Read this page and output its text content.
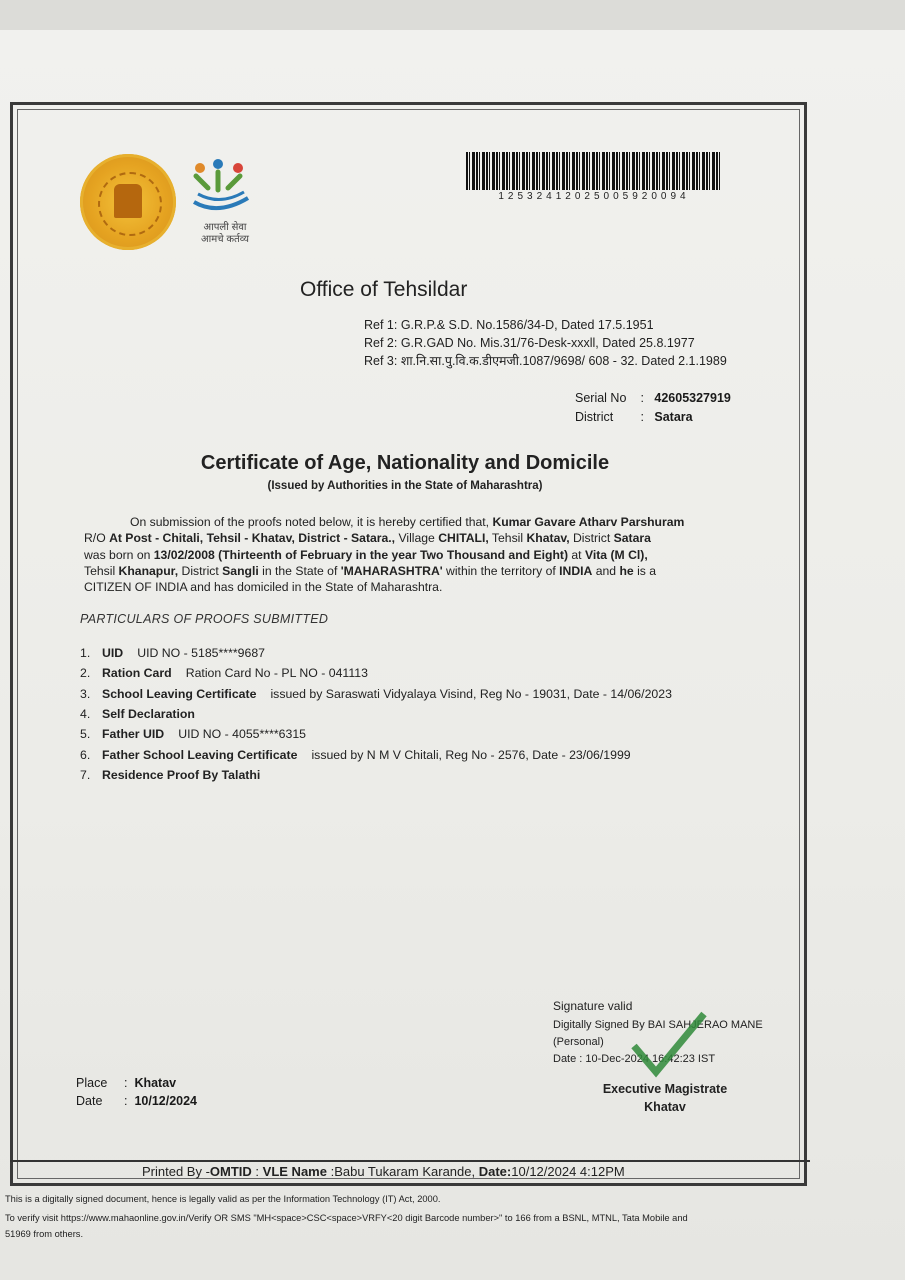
आपली सेवा
आमचे कर्तव्य
12532412025005920094
Office of Tehsildar
Ref 1: G.R.P.& S.D. No.1586/34-D, Dated 17.5.1951
Ref 2: G.R.GAD No. Mis.31/76-Desk-xxxll, Dated 25.8.1977
Ref 3: शा.नि.सा.पु.वि.क.डीएमजी.1087/9698/ 608 - 32. Dated 2.1.1989
Serial No : 42605327919
District : Satara
Certificate of Age, Nationality and Domicile
(Issued by Authorities in the State of Maharashtra)

On submission of the proofs noted below, it is hereby certified that, Kumar Gavare Atharv Parshuram

R/O At Post - Chitali, Tehsil - Khatav, District - Satara., Village CHITALI, Tehsil Khatav, District Satara

was born on 13/02/2008 (Thirteenth of February in the year Two Thousand and Eight) at Vita (M Cl),

Tehsil Khanapur, District Sangli in the State of 'MAHARASHTRA' within the territory of INDIA and he is a

CITIZEN OF INDIA and has domiciled in the State of Maharashtra.

PARTICULARS OF PROOFS SUBMITTED
1. UID UID NO - 5185****9687
2. Ration Card Ration Card No - PL NO - 041113
3. School Leaving Certificate issued by Saraswati Vidyalaya Visind, Reg No - 19031, Date - 14/06/2023
4. Self Declaration
5. Father UID UID NO - 4055****6315
6. Father School Leaving Certificate issued by N M V Chitali, Reg No - 2576, Date - 23/06/1999
7. Residence Proof By Talathi
Signature valid
Digitally Signed By BAI SAHJERAO MANE
(Personal)
Date : 10-Dec-2024 16:42:23 IST
Executive Magistrate
Khatav
Place : Khatav
Date : 10/12/2024
Printed By -OMTID : VLE Name :Babu Tukaram Karande, Date:10/12/2024 4:12PM
This is a digitally signed document, hence is legally valid as per the Information Technology (IT) Act, 2000.
To verify visit https://www.mahaonline.gov.in/Verify OR SMS "MH<space>CSC<space>VRFY<20 digit Barcode number>" to 166 from a BSNL, MTNL, Tata Mobile and
51969 from others.
